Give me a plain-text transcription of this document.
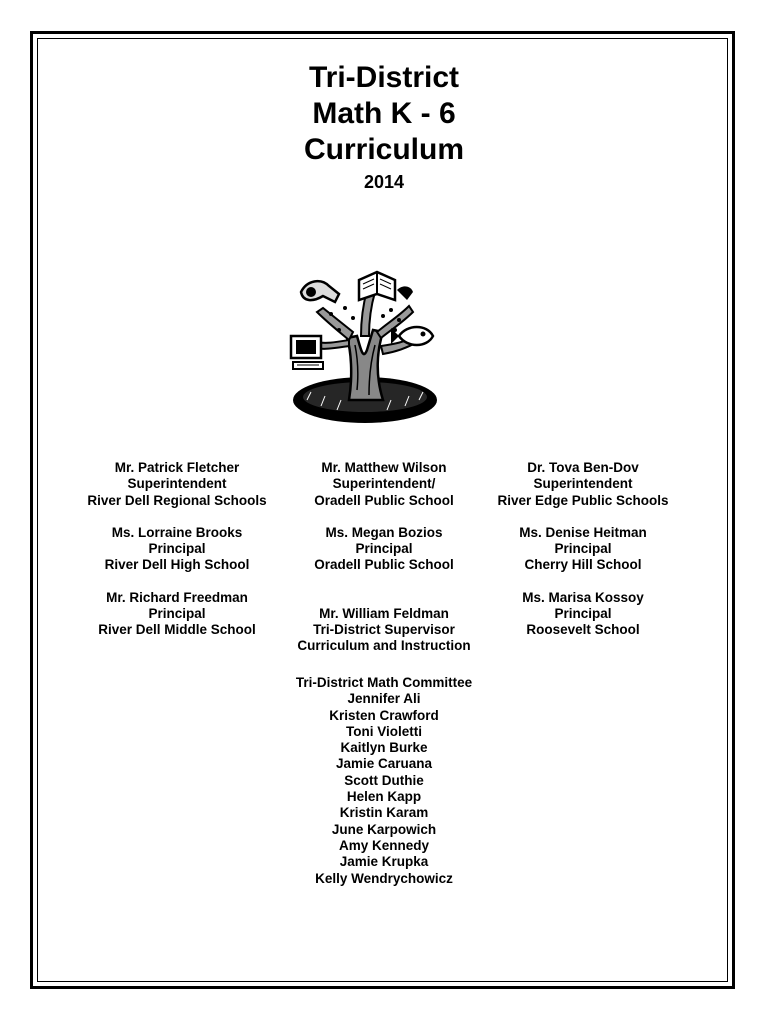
Tri-District
Math K - 6
Curriculum
2014
Mr. Patrick Fletcher
Superintendent
River Dell Regional Schools
Ms. Lorraine Brooks
Principal
River Dell High School
Mr. Richard Freedman
Principal
River Dell Middle School
Mr. Matthew Wilson
Superintendent/
Oradell Public School
Ms. Megan Bozios
Principal
Oradell Public School
Mr. William Feldman
Tri-District Supervisor
Curriculum and Instruction
Dr. Tova Ben-Dov
Superintendent
River Edge Public Schools
Ms. Denise Heitman
Principal
Cherry Hill School
Ms. Marisa Kossoy
Principal
Roosevelt School
Tri-District Math Committee
Jennifer Ali
Kristen Crawford
Toni Violetti
Kaitlyn Burke
Jamie Caruana
Scott Duthie
Helen Kapp
Kristin Karam
June Karpowich
Amy Kennedy
Jamie Krupka
Kelly Wendrychowicz
